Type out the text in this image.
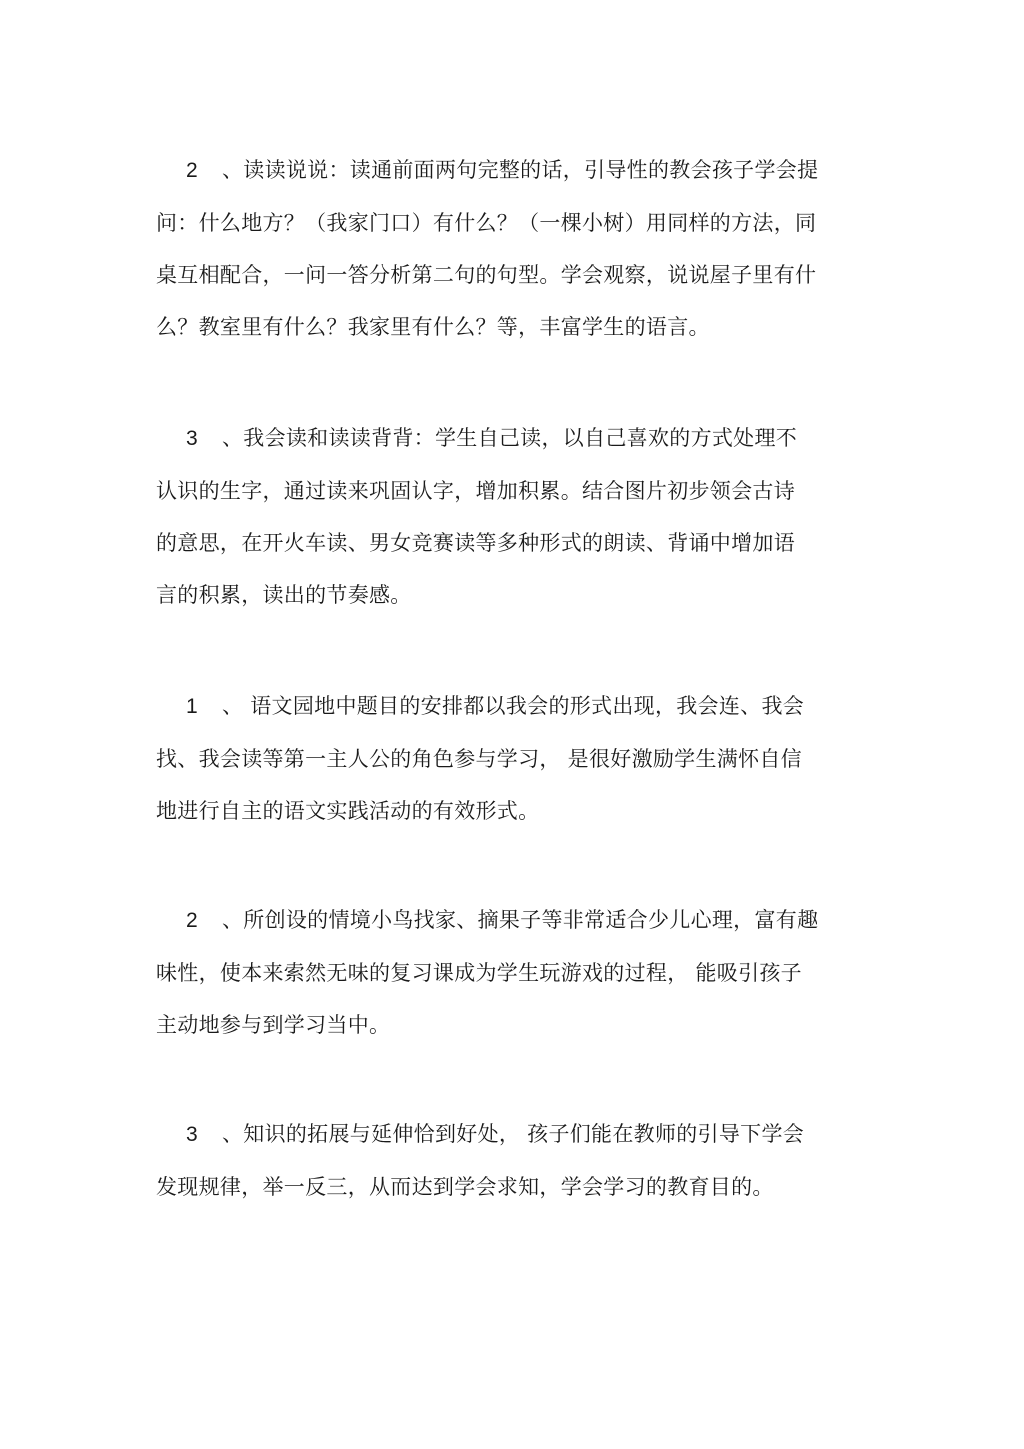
2 、读读说说：读通前面两句完整的话，引导性的教会孩子学会提
问：什么地方？（我家门口）有什么？（一棵小树）用同样的方法，同
桌互相配合，一问一答分析第二句的句型。学会观察，说说屋子里有什
么？教室里有什么？我家里有什么？等，丰富学生的语言。
3 、我会读和读读背背：学生自己读，以自己喜欢的方式处理不
认识的生字，通过读来巩固认字，增加积累。结合图片初步领会古诗
的意思，在开火车读、男女竞赛读等多种形式的朗读、背诵中增加语
言的积累，读出的节奏感。
1 、 语文园地中题目的安排都以我会的形式出现，我会连、我会
找、我会读等第一主人公的角色参与学习， 是很好激励学生满怀自信
地进行自主的语文实践活动的有效形式。
2 、所创设的情境小鸟找家、摘果子等非常适合少儿心理，富有趣
味性，使本来索然无味的复习课成为学生玩游戏的过程， 能吸引孩子
主动地参与到学习当中。
3 、知识的拓展与延伸恰到好处， 孩子们能在教师的引导下学会
发现规律，举一反三，从而达到学会求知，学会学习的教育目的。
